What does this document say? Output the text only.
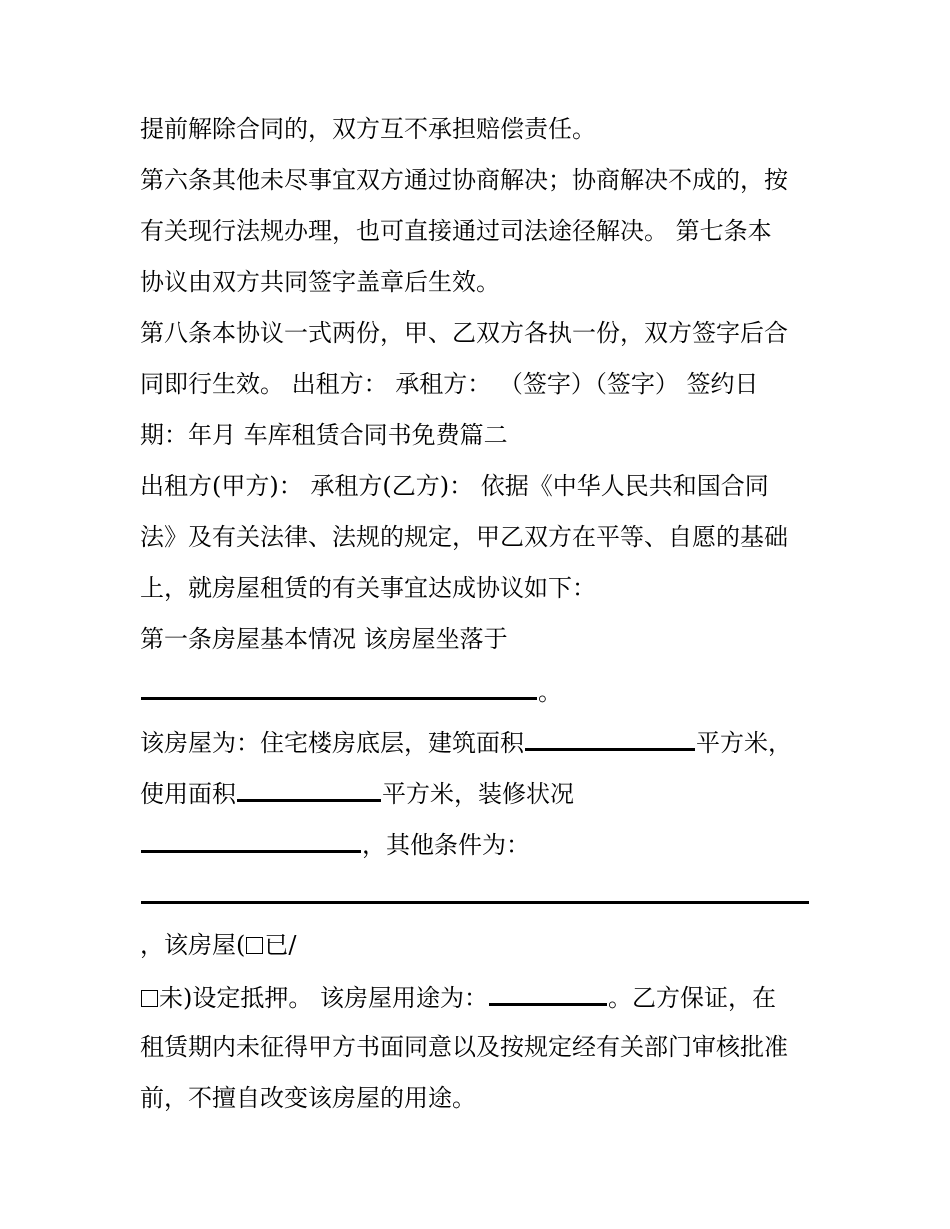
提前解除合同的，双方互不承担赔偿责任。
第六条其他未尽事宜双方通过协商解决；协商解决不成的，按
有关现行法规办理，也可直接通过司法途径解决。 第七条本
协议由双方共同签字盖章后生效。
第八条本协议一式两份，甲、乙双方各执一份，双方签字后合
同即行生效。 出租方： 承租方： （签字）（签字） 签约日
期：年月 车库租赁合同书免费篇二
出租方(甲方)： 承租方(乙方)： 依据《中华人民共和国合同
法》及有关法律、法规的规定，甲乙双方在平等、自愿的基础
上，就房屋租赁的有关事宜达成协议如下：
第一条房屋基本情况 该房屋坐落于
。
该房屋为：住宅楼房底层，建筑面积	平方米，
使用面积	平方米，装修状况
，其他条件为：
，该房屋( 已/
未)设定抵押。 该房屋用途为：	。乙方保证，在
租赁期内未征得甲方书面同意以及按规定经有关部门审核批准
前，不擅自改变该房屋的用途。
